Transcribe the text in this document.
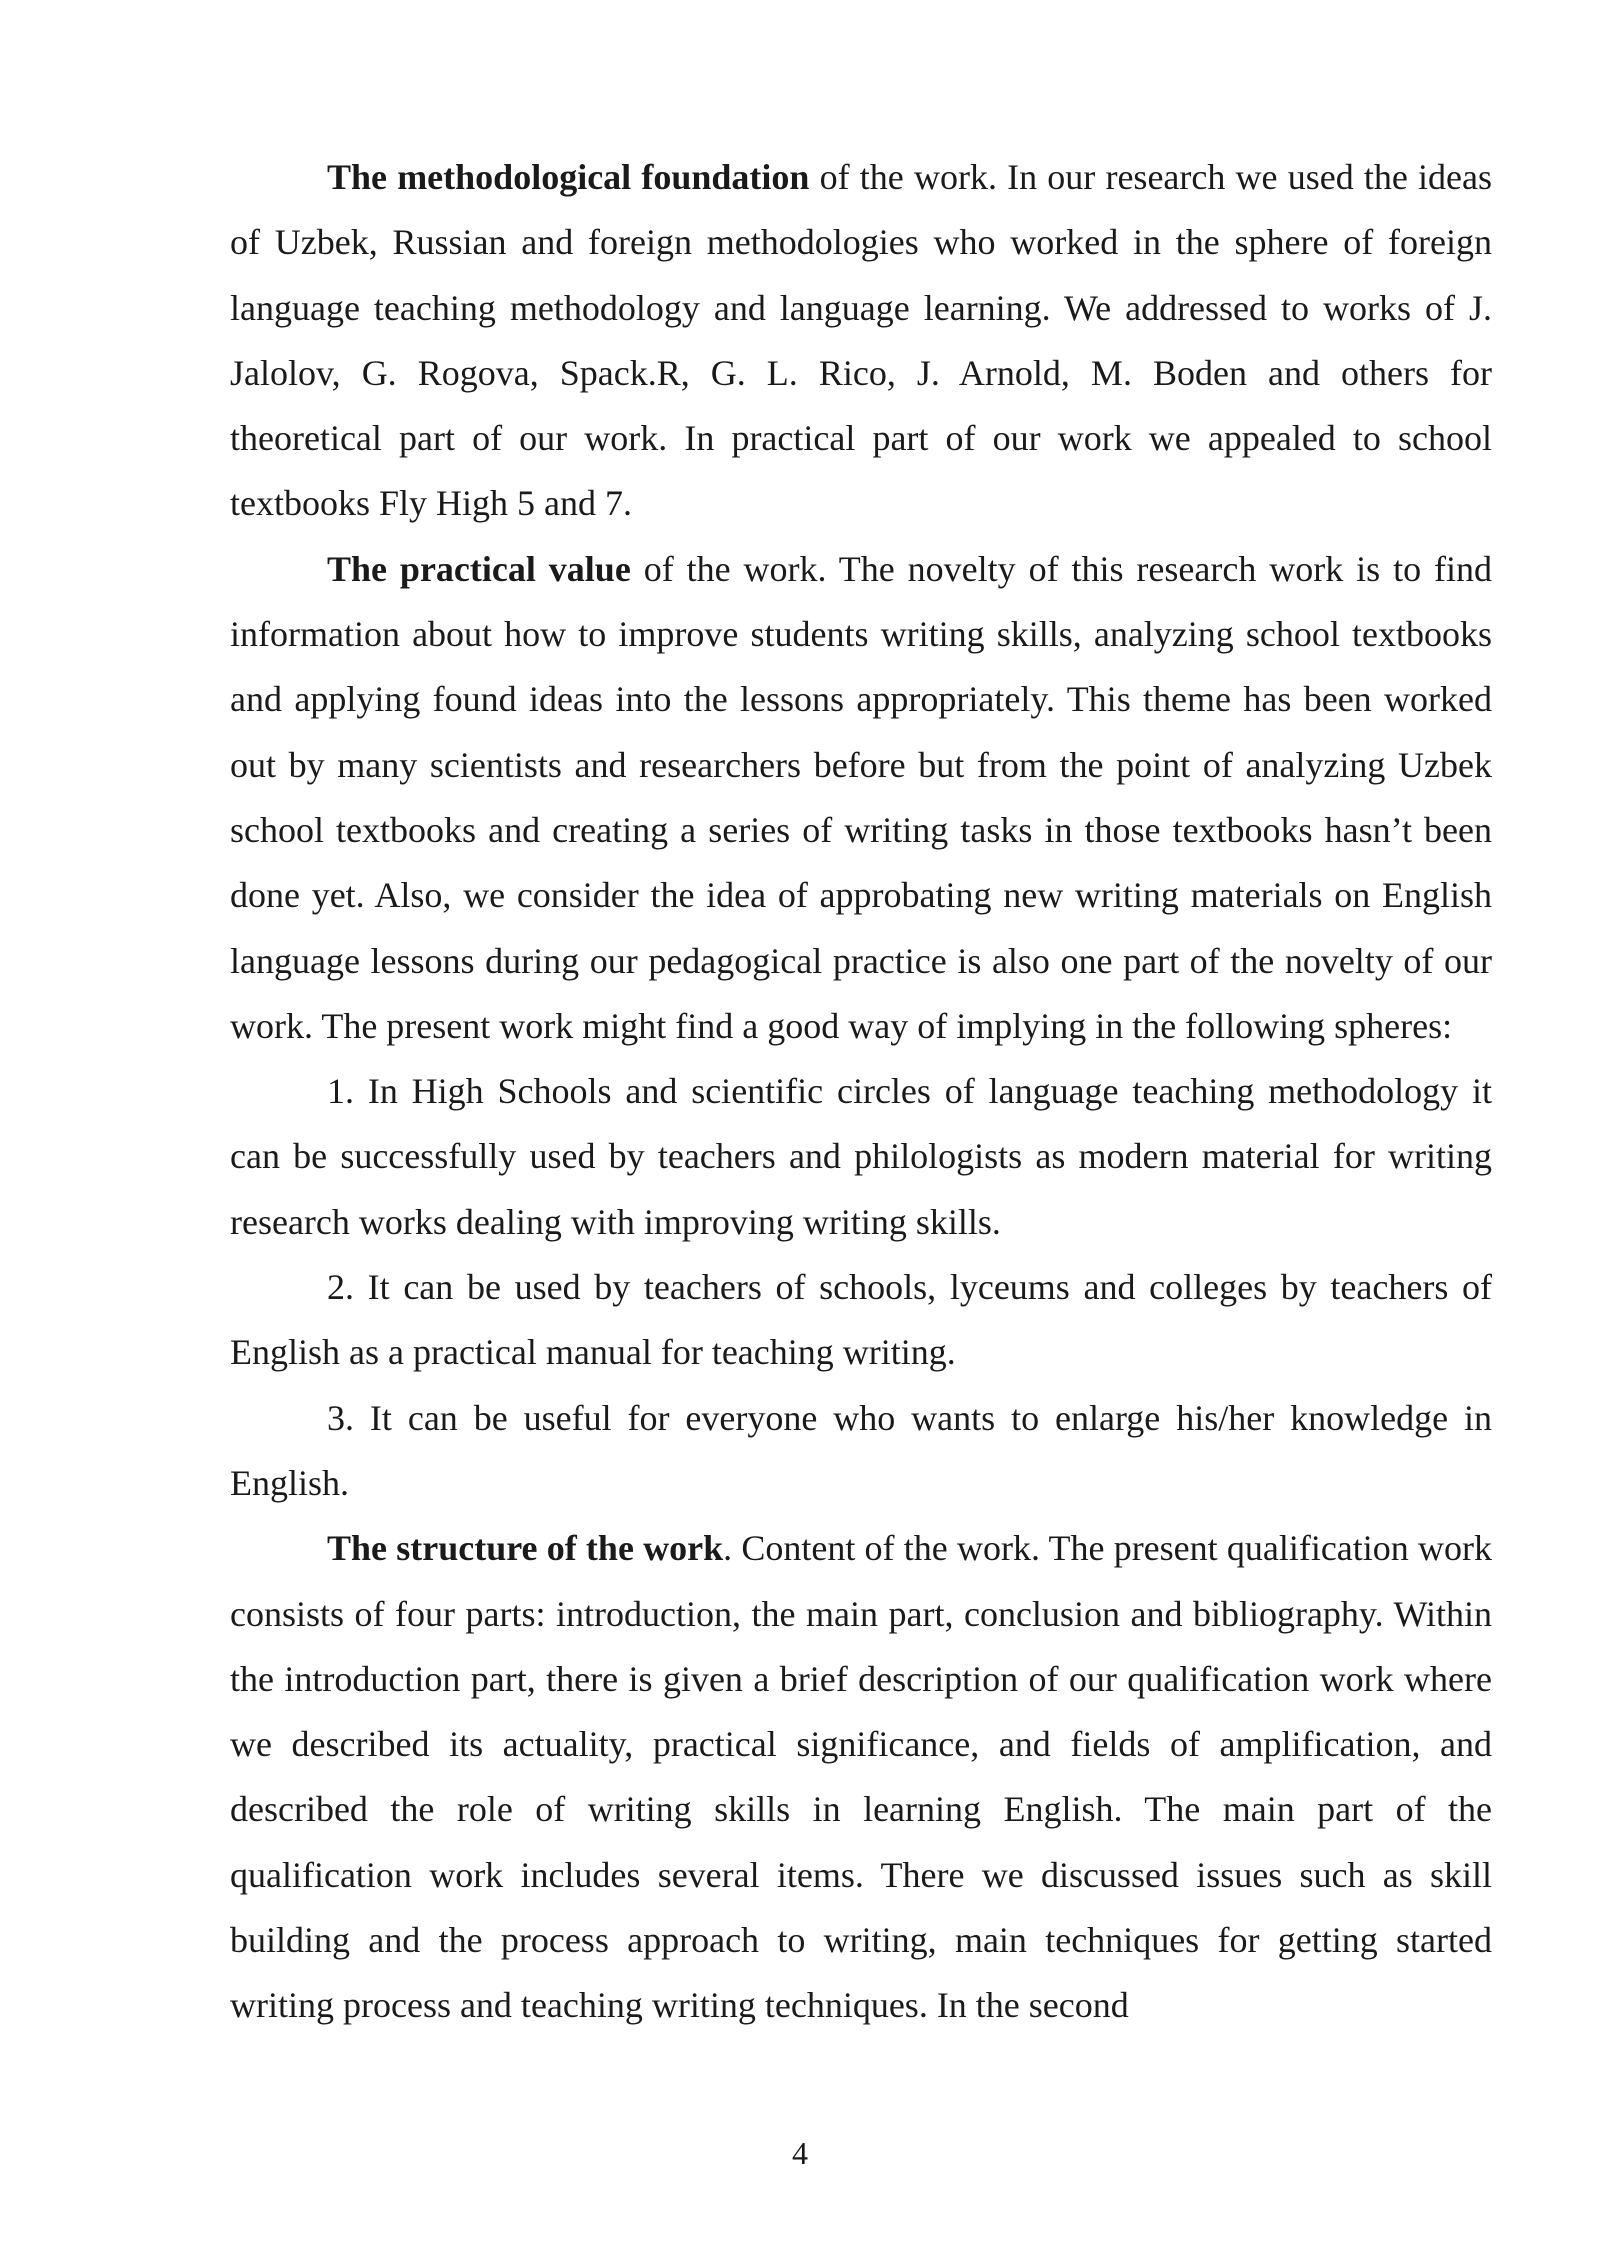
The methodological foundation of the work. In our research we used the ideas of Uzbek, Russian and foreign methodologies who worked in the sphere of foreign language teaching methodology and language learning. We addressed to works of J. Jalolov, G. Rogova, Spack.R, G. L. Rico, J. Arnold, M. Boden and others for theoretical part of our work. In practical part of our work we appealed to school textbooks Fly High 5 and 7.

The practical value of the work. The novelty of this research work is to find information about how to improve students writing skills, analyzing school textbooks and applying found ideas into the lessons appropriately. This theme has been worked out by many scientists and researchers before but from the point of analyzing Uzbek school textbooks and creating a series of writing tasks in those textbooks hasn’t been done yet. Also, we consider the idea of approbating new writing materials on English language lessons during our pedagogical practice is also one part of the novelty of our work. The present work might find a good way of implying in the following spheres:

1. In High Schools and scientific circles of language teaching methodology it can be successfully used by teachers and philologists as modern material for writing research works dealing with improving writing skills.

2. It can be used by teachers of schools, lyceums and colleges by teachers of English as a practical manual for teaching writing.

3. It can be useful for everyone who wants to enlarge his/her knowledge in English.

The structure of the work. Content of the work. The present qualification work consists of four parts: introduction, the main part, conclusion and bibliography. Within the introduction part, there is given a brief description of our qualification work where we described its actuality, practical significance, and fields of amplification, and described the role of writing skills in learning English. The main part of the qualification work includes several items. There we discussed issues such as skill building and the process approach to writing, main techniques for getting started writing process and teaching writing techniques. In the second

4
